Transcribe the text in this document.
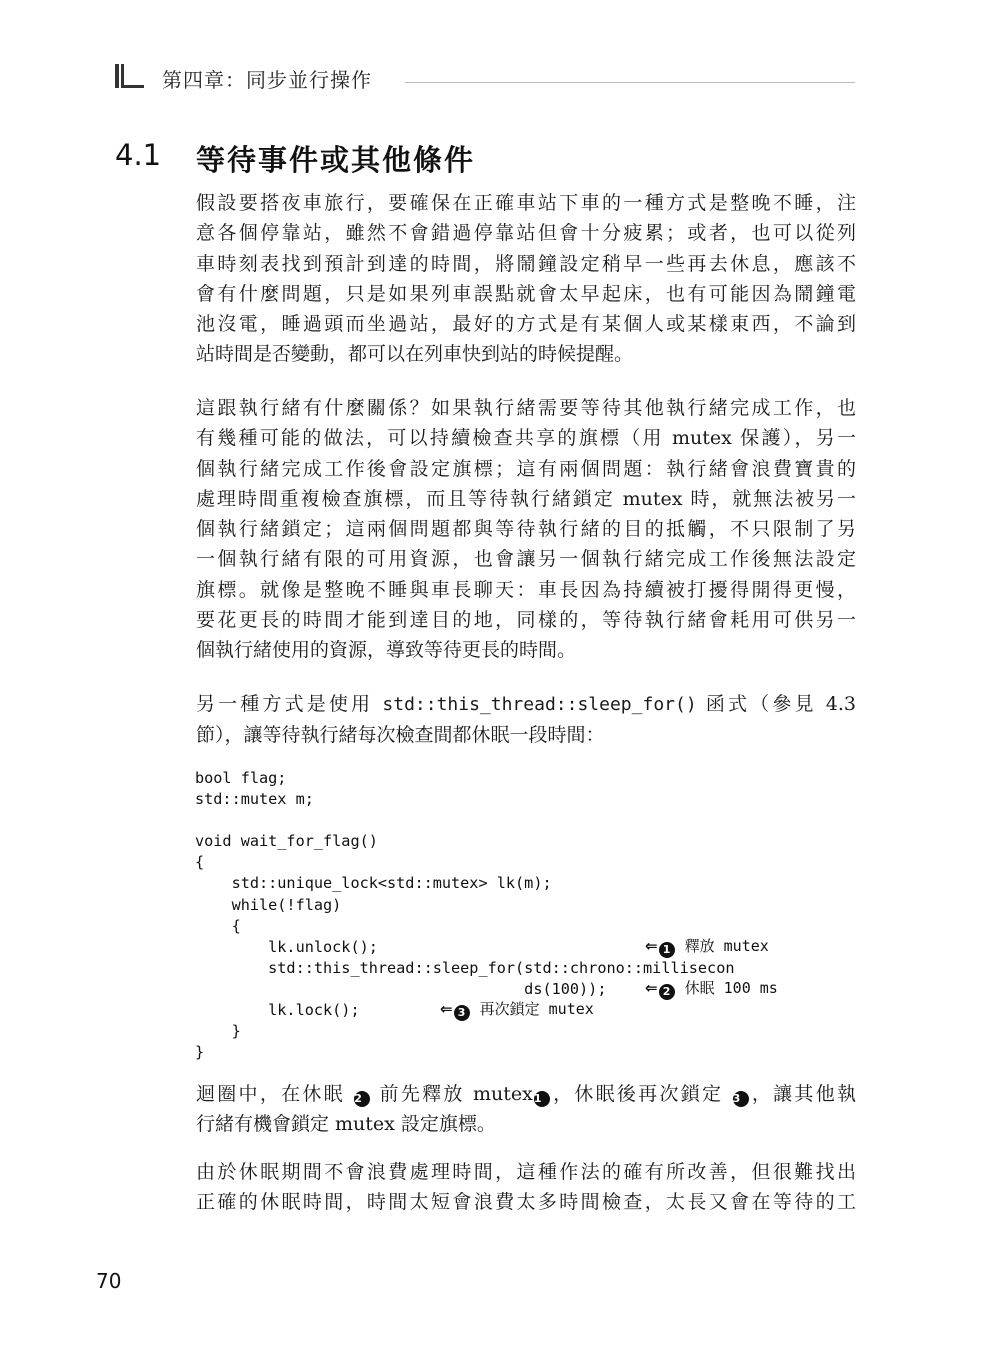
第四章：同步並行操作
4.1 等待事件或其他條件
假設要搭夜車旅行，要確保在正確車站下車的一種方式是整晚不睡，注
意各個停靠站，雖然不會錯過停靠站但會十分疲累；或者，也可以從列
車時刻表找到預計到達的時間，將鬧鐘設定稍早一些再去休息，應該不
會有什麼問題，只是如果列車誤點就會太早起床，也有可能因為鬧鐘電
池沒電，睡過頭而坐過站，最好的方式是有某個人或某樣東西，不論到
站時間是否變動，都可以在列車快到站的時候提醒。
這跟執行緒有什麼關係？如果執行緒需要等待其他執行緒完成工作，也
有幾種可能的做法，可以持續檢查共享的旗標（用 mutex 保護），另一
個執行緒完成工作後會設定旗標；這有兩個問題：執行緒會浪費寶貴的
處理時間重複檢查旗標，而且等待執行緒鎖定 mutex 時，就無法被另一
個執行緒鎖定；這兩個問題都與等待執行緒的目的抵觸，不只限制了另
一個執行緒有限的可用資源，也會讓另一個執行緒完成工作後無法設定
旗標。就像是整晚不睡與車長聊天：車長因為持續被打擾得開得更慢，
要花更長的時間才能到達目的地，同樣的，等待執行緒會耗用可供另一
個執行緒使用的資源，導致等待更長的時間。
另一種方式是使用 std::this_thread::sleep_for() 函式（參見 4.3
節），讓等待執行緒每次檢查間都休眠一段時間：
bool flag;
std::mutex m;

void wait_for_flag()
{
std::unique_lock<std::mutex> lk(m);
while(!flag)
{
lk.unlock();
std::this_thread::sleep_for(std::chrono::millisecon
ds(100));
lk.lock();
}
}
⇐ 1 釋放 mutex
⇐ 2 休眠 100 ms
⇐ 3 再次鎖定 mutex
迴圈中，在休眠 2 前先釋放 mutex1 ，休眠後再次鎖定 3 ，讓其他執
行緒有機會鎖定 mutex 設定旗標。
由於休眠期間不會浪費處理時間，這種作法的確有所改善，但很難找出
正確的休眠時間，時間太短會浪費太多時間檢查，太長又會在等待的工
70
